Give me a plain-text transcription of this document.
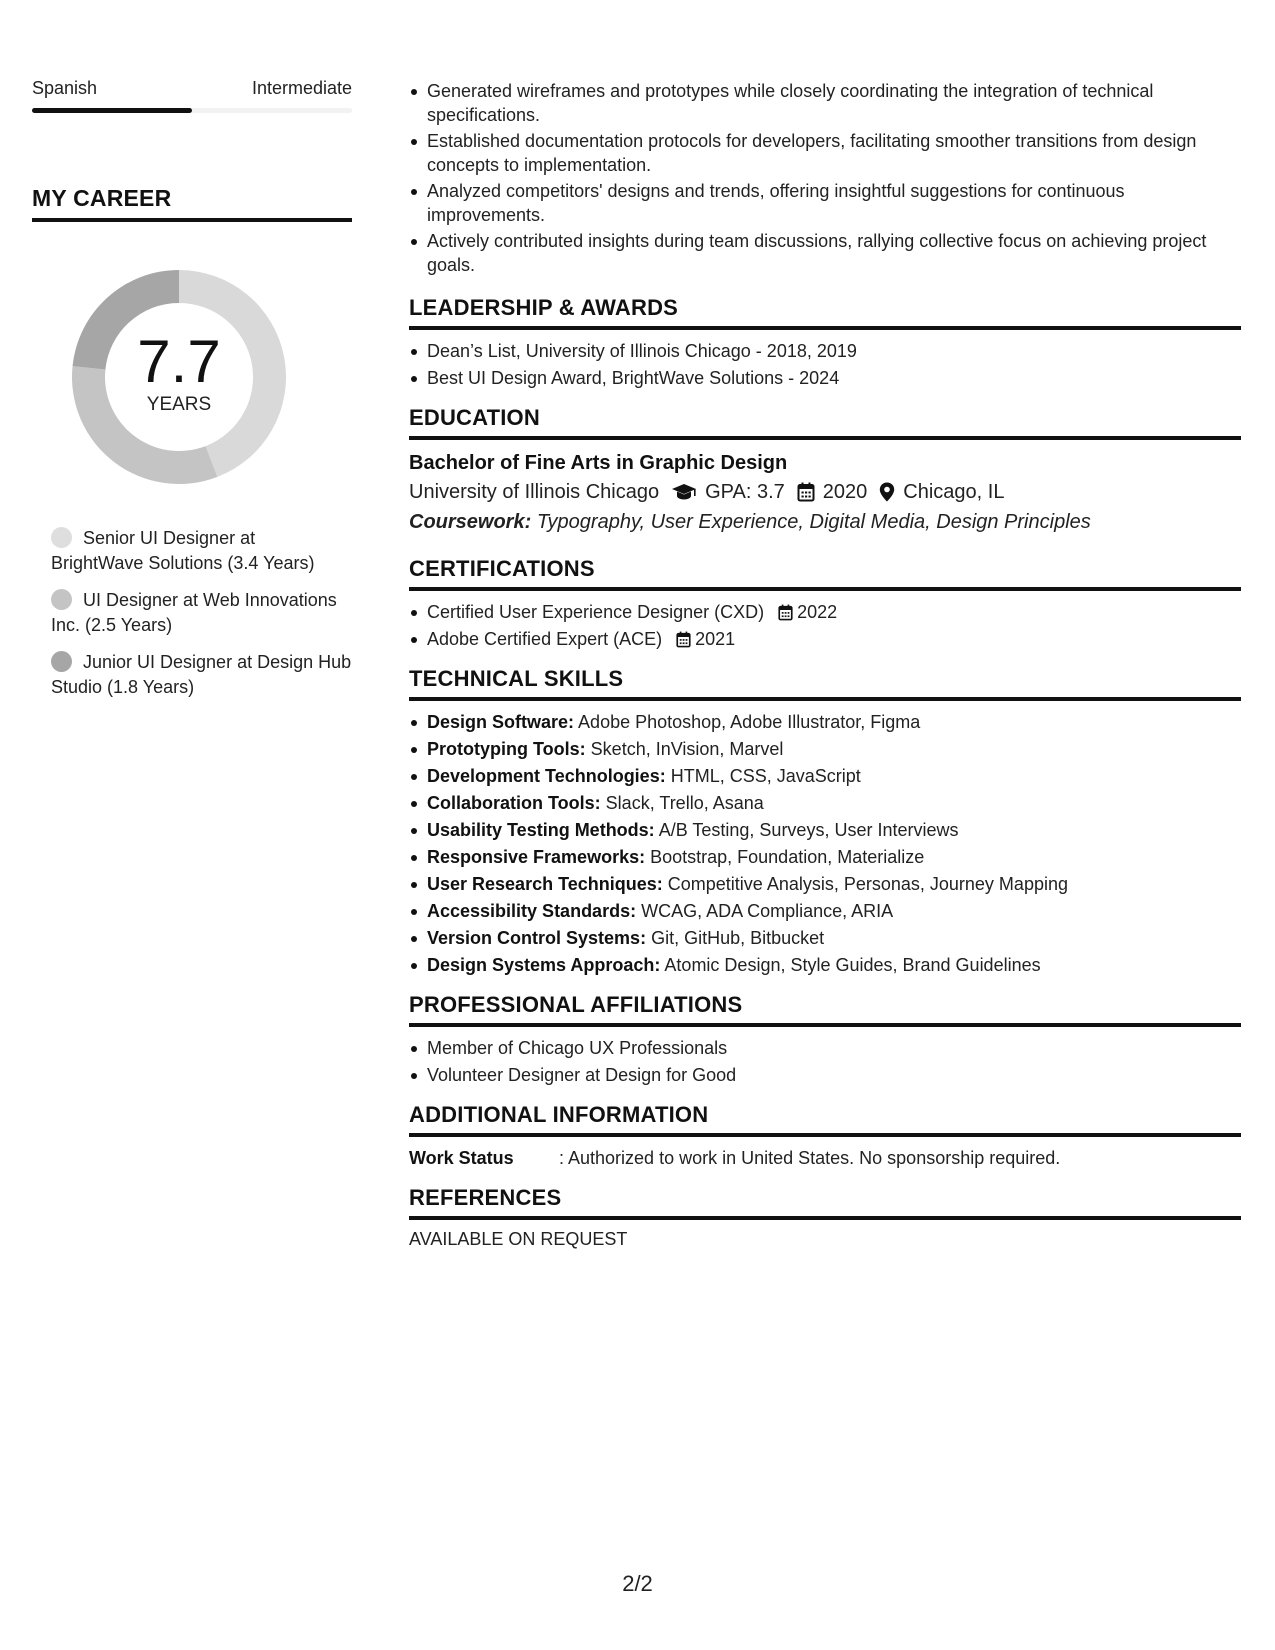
Spanish	Intermediate
MY CAREER
7.7
YEARS
Senior UI Designer at BrightWave Solutions (3.4 Years)
UI Designer at Web Innovations Inc. (2.5 Years)
Junior UI Designer at Design Hub Studio (1.8 Years)
Generated wireframes and prototypes while closely coordinating the integration of technical specifications.
Established documentation protocols for developers, facilitating smoother transitions from design concepts to implementation.
Analyzed competitors' designs and trends, offering insightful suggestions for continuous improvements.
Actively contributed insights during team discussions, rallying collective focus on achieving project goals.
LEADERSHIP & AWARDS
Dean’s List, University of Illinois Chicago - 2018, 2019
Best UI Design Award, BrightWave Solutions - 2024
EDUCATION
Bachelor of Fine Arts in Graphic Design
University of Illinois Chicago GPA: 3.7 2020 Chicago, IL
Coursework: Typography, User Experience, Digital Media, Design Principles
CERTIFICATIONS
Certified User Experience Designer (CXD) 2022
Adobe Certified Expert (ACE) 2021
TECHNICAL SKILLS
Design Software: Adobe Photoshop, Adobe Illustrator, Figma
Prototyping Tools: Sketch, InVision, Marvel
Development Technologies: HTML, CSS, JavaScript
Collaboration Tools: Slack, Trello, Asana
Usability Testing Methods: A/B Testing, Surveys, User Interviews
Responsive Frameworks: Bootstrap, Foundation, Materialize
User Research Techniques: Competitive Analysis, Personas, Journey Mapping
Accessibility Standards: WCAG, ADA Compliance, ARIA
Version Control Systems: Git, GitHub, Bitbucket
Design Systems Approach: Atomic Design, Style Guides, Brand Guidelines
PROFESSIONAL AFFILIATIONS
Member of Chicago UX Professionals
Volunteer Designer at Design for Good
ADDITIONAL INFORMATION
Work Status	: Authorized to work in United States. No sponsorship required.
REFERENCES
AVAILABLE ON REQUEST
2/2
